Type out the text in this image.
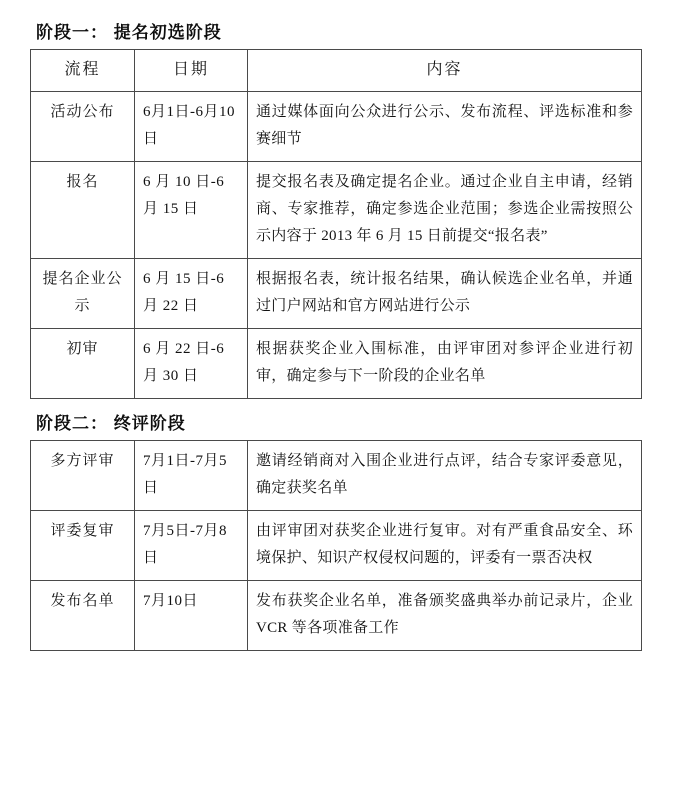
阶段一： 提名初选阶段
流程	日期	内容
活动公布	6月1日-6月10日	通过媒体面向公众进行公示、发布流程、评选标准和参赛细节
报名	6 月 10 日-6 月 15 日	提交报名表及确定提名企业。通过企业自主申请，经销商、专家推荐，确定参选企业范围；参选企业需按照公示内容于 2013 年 6 月 15 日前提交“报名表”
提名企业公示	6 月 15 日-6 月 22 日	根据报名表，统计报名结果，确认候选企业名单，并通过门户网站和官方网站进行公示
初审	6 月 22 日-6 月 30 日	根据获奖企业入围标准，由评审团对参评企业进行初审，确定参与下一阶段的企业名单
阶段二： 终评阶段
多方评审	7月1日-7月5日	邀请经销商对入围企业进行点评，结合专家评委意见，确定获奖名单
评委复审	7月5日-7月8日	由评审团对获奖企业进行复审。对有严重食品安全、环境保护、知识产权侵权问题的，评委有一票否决权
发布名单	7月10日	发布获奖企业名单，准备颁奖盛典举办前记录片，企业 VCR 等各项准备工作
